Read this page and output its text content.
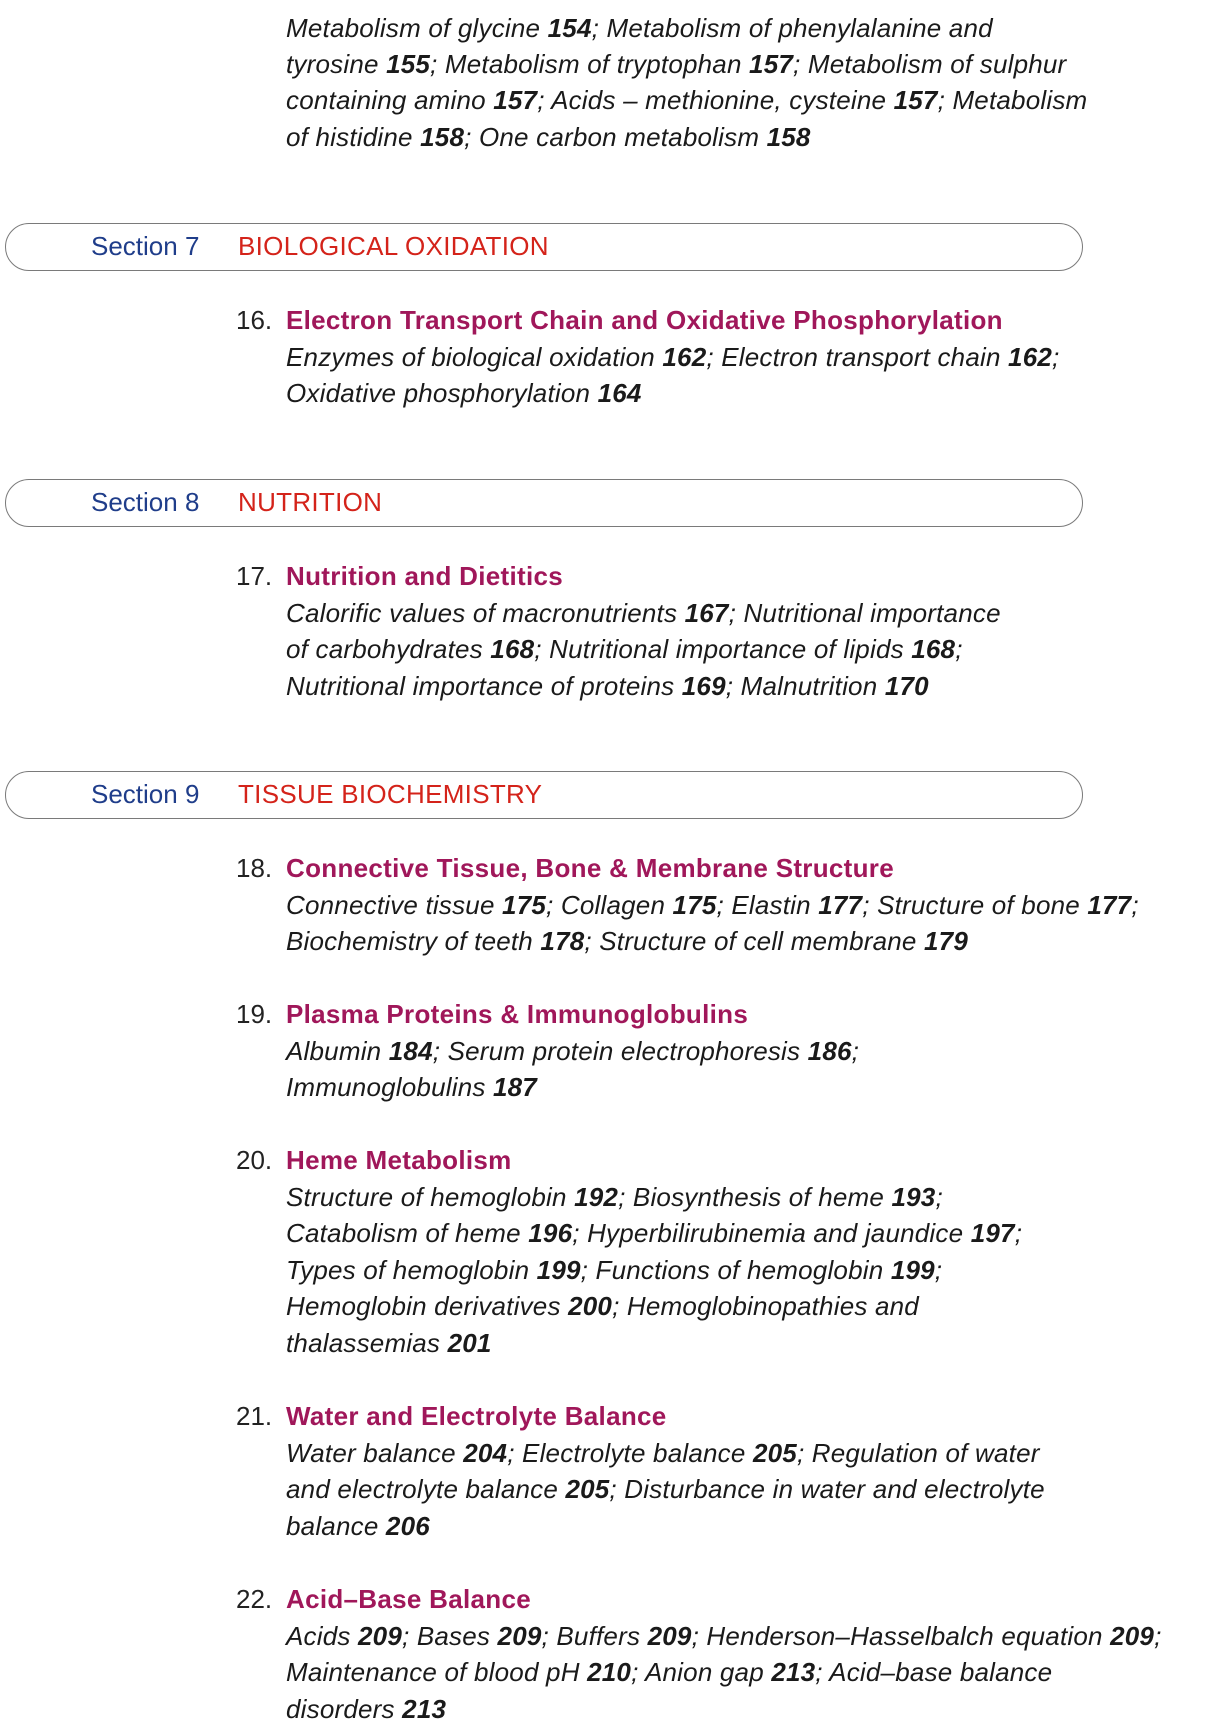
Metabolism of glycine 154; Metabolism of phenylalanine and
tyrosine 155; Metabolism of tryptophan 157; Metabolism of sulphur
containing amino 157; Acids – methionine, cysteine 157; Metabolism
of histidine 158; One carbon metabolism 158
Section 7 BIOLOGICAL OXIDATION
16. Electron Transport Chain and Oxidative Phosphorylation
Enzymes of biological oxidation 162; Electron transport chain 162;
Oxidative phosphorylation 164
Section 8 NUTRITION
17. Nutrition and Dietitics
Calorific values of macronutrients 167; Nutritional importance
of carbohydrates 168; Nutritional importance of lipids 168;
Nutritional importance of proteins 169; Malnutrition 170
Section 9 TISSUE BIOCHEMISTRY
18. Connective Tissue, Bone & Membrane Structure
Connective tissue 175; Collagen 175; Elastin 177; Structure of bone 177;
Biochemistry of teeth 178; Structure of cell membrane 179
19. Plasma Proteins & Immunoglobulins
Albumin 184; Serum protein electrophoresis 186;
Immunoglobulins 187
20. Heme Metabolism
Structure of hemoglobin 192; Biosynthesis of heme 193;
Catabolism of heme 196; Hyperbilirubinemia and jaundice 197;
Types of hemoglobin 199; Functions of hemoglobin 199;
Hemoglobin derivatives 200; Hemoglobinopathies and
thalassemias 201
21. Water and Electrolyte Balance
Water balance 204; Electrolyte balance 205; Regulation of water
and electrolyte balance 205; Disturbance in water and electrolyte
balance 206
22. Acid–Base Balance
Acids 209; Bases 209; Buffers 209; Henderson–Hasselbalch equation 209;
Maintenance of blood pH 210; Anion gap 213; Acid–base balance
disorders 213
